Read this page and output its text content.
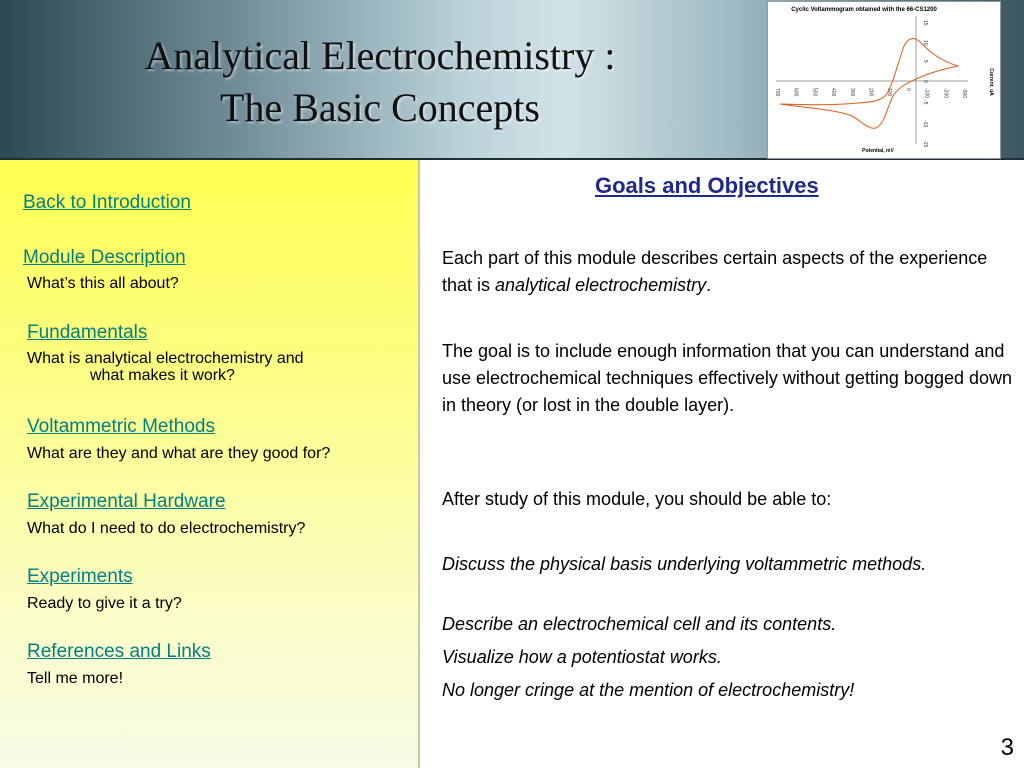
Analytical Electrochemistry :
The Basic Concepts
Cyclic Voltammogram obtained with the 66-CS1200
700	600	500	400	300	200	100	0	-100	-200	-300
15
10
5
0
-5
-10
-15
Potential, mV
Current, uA
Back to Introduction
Module Description
What’s this all about?
Fundamentals
What is analytical electrochemistry and
what makes it work?
Voltammetric Methods
What are they and what are they good for?
Experimental Hardware
What do I need to do electrochemistry?
Experiments
Ready to give it a try?
References and Links
Tell me more!
Goals and Objectives
Each part of this module describes certain aspects of the experience that is analytical electrochemistry.
The goal is to include enough information that you can understand and use electrochemical techniques effectively without getting bogged down in theory (or lost in the double layer).
After study of this module, you should be able to:
Discuss the physical basis underlying voltammetric methods.
Describe an electrochemical cell and its contents.
Visualize how a potentiostat works.
No longer cringe at the mention of electrochemistry!
3
